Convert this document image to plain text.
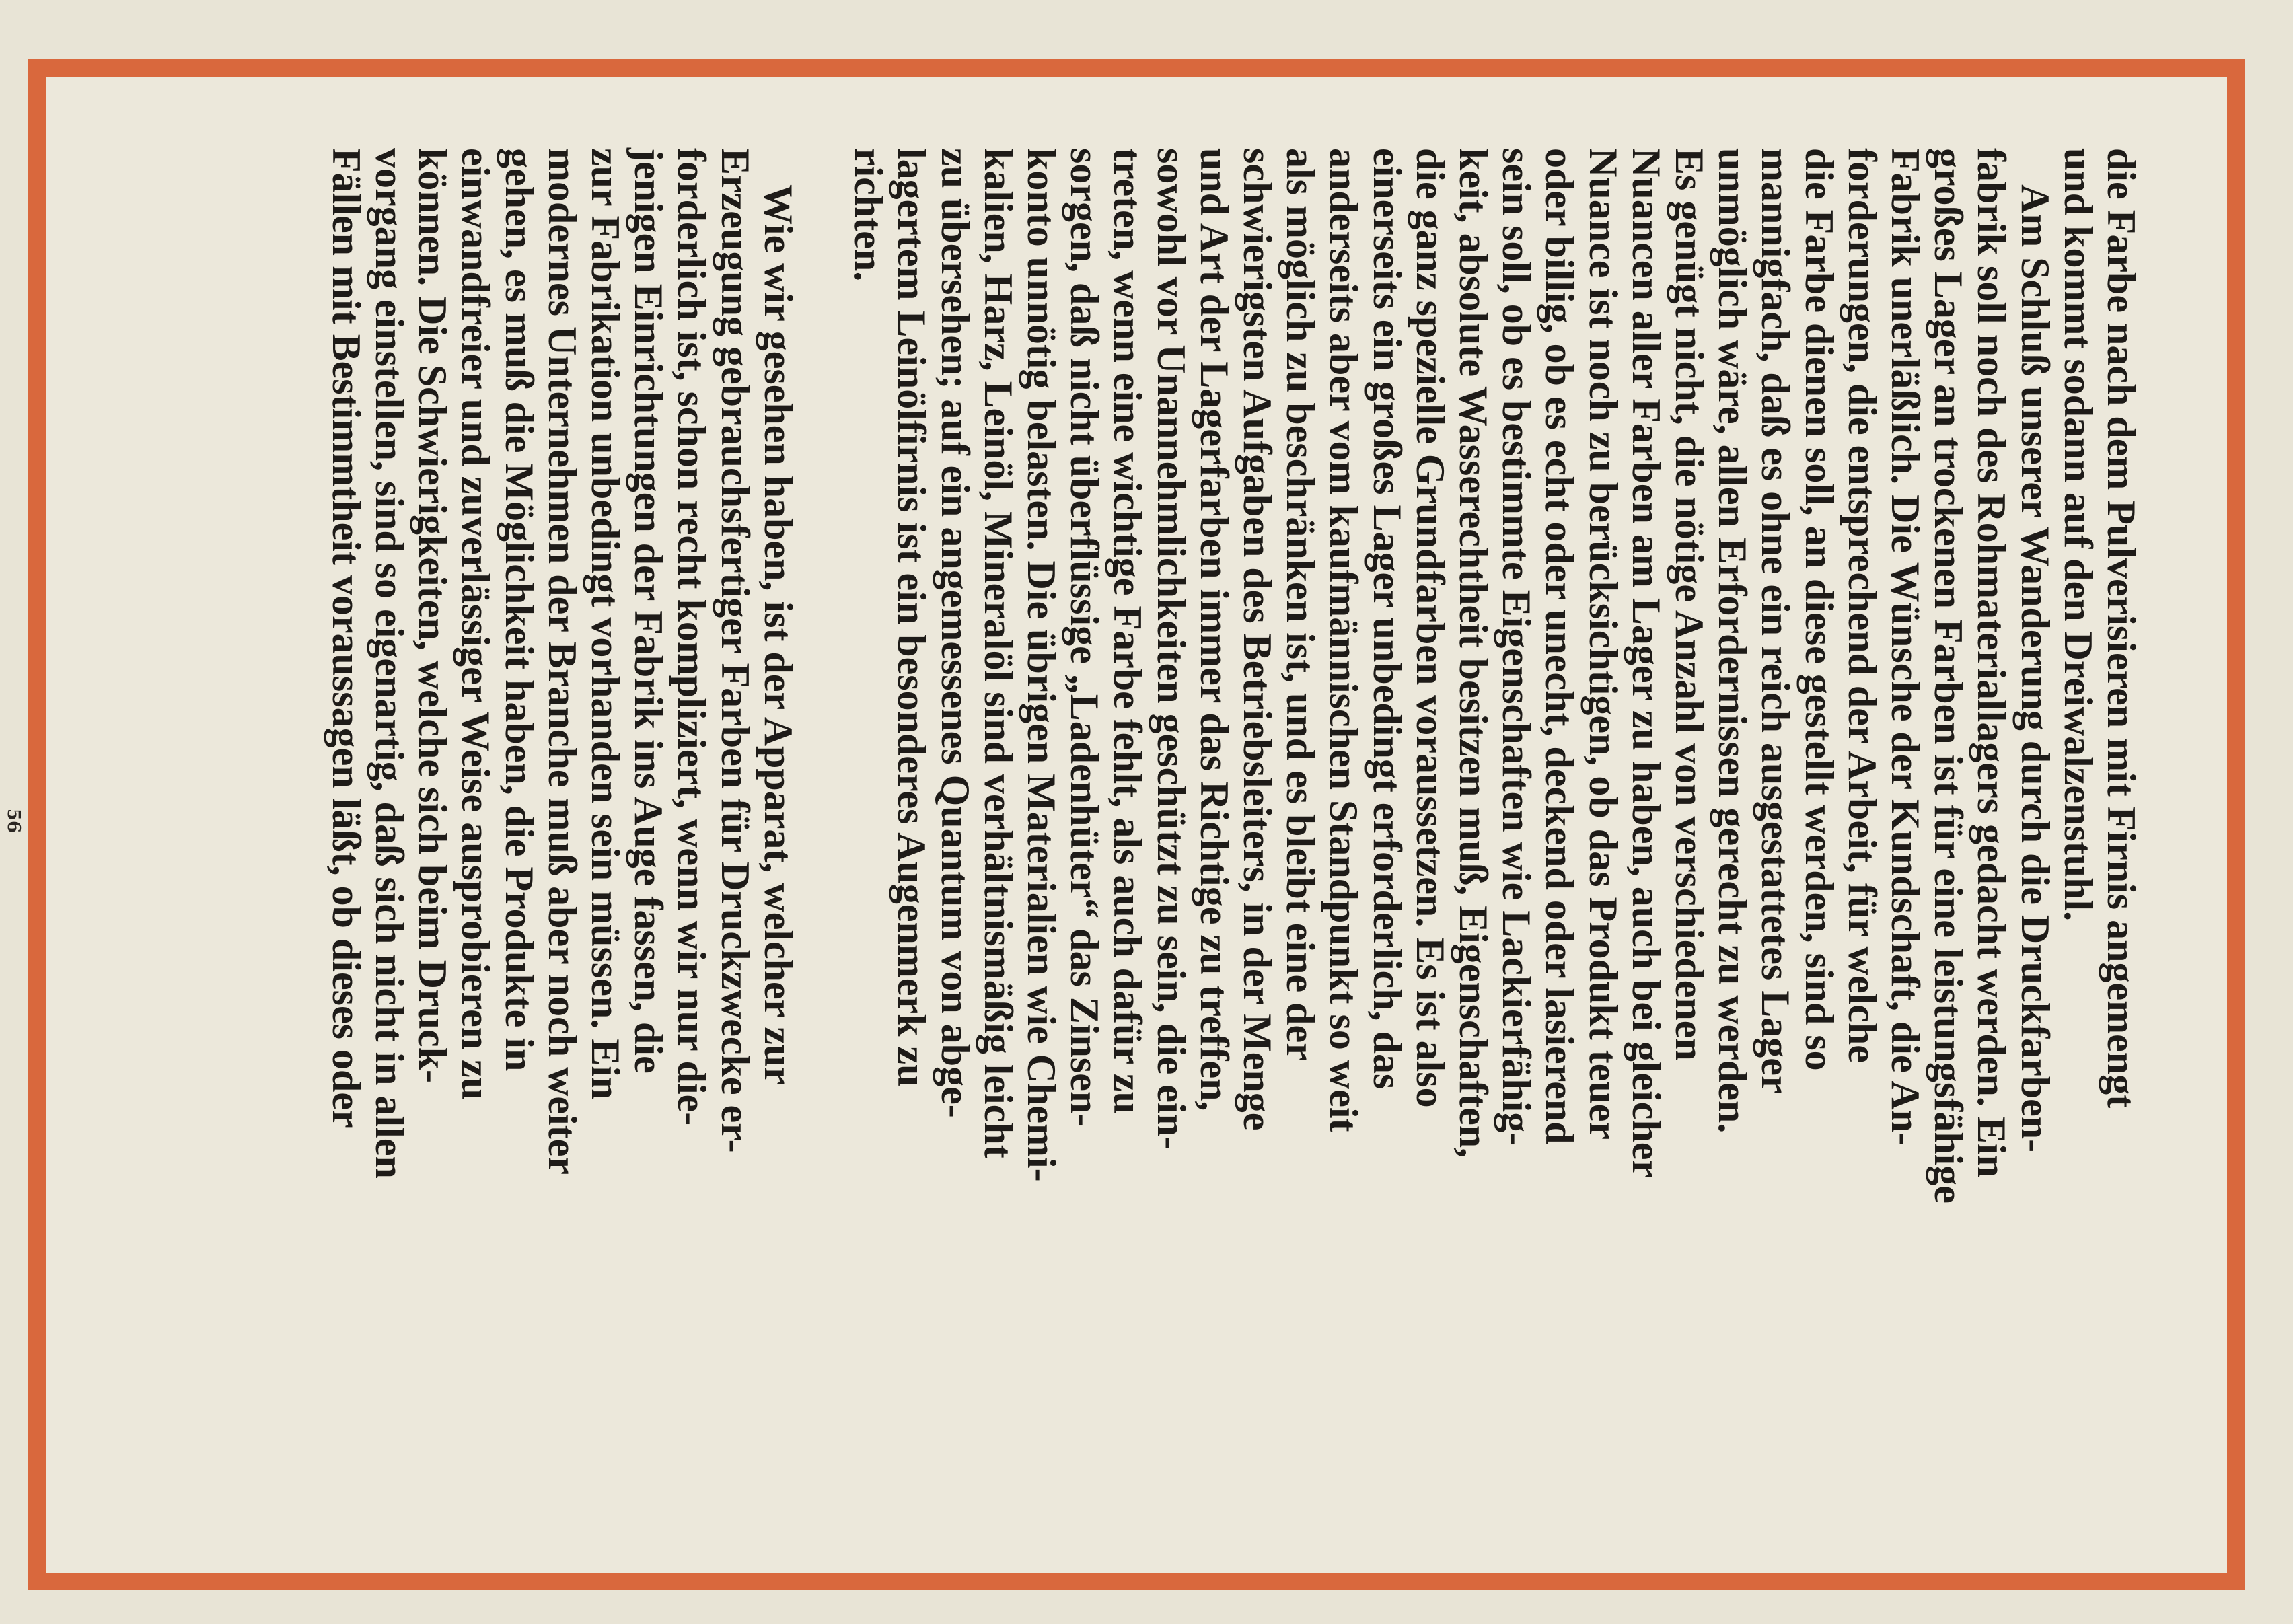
56

die Farbe nach dem Pulverisieren mit Firnis angemengt
und kommt sodann auf den Dreiwalzenstuhl.

Am Schluß unserer Wanderung durch die Druckfarben-
fabrik soll noch des Rohmateriallagers gedacht werden. Ein
großes Lager an trockenen Farben ist für eine leistungsfähige
Fabrik unerläßlich. Die Wünsche der Kundschaft, die An-
forderungen, die entsprechend der Arbeit, für welche
die Farbe dienen soll, an diese gestellt werden, sind so
mannigfach, daß es ohne ein reich ausgestattetes Lager
unmöglich wäre, allen Erfordernissen gerecht zu werden.
Es genügt nicht, die nötige Anzahl von verschiedenen
Nuancen aller Farben am Lager zu haben, auch bei gleicher
Nuance ist noch zu berücksichtigen, ob das Produkt teuer
oder billig, ob es echt oder unecht, deckend oder lasierend
sein soll, ob es bestimmte Eigenschaften wie Lackierfähig-
keit, absolute Wasserechtheit besitzen muß, Eigenschaften,
die ganz spezielle Grundfarben voraussetzen. Es ist also
einerseits ein großes Lager unbedingt erforderlich, das
anderseits aber vom kaufmännischen Standpunkt so weit
als möglich zu beschränken ist, und es bleibt eine der
schwierigsten Aufgaben des Betriebsleiters, in der Menge
und Art der Lagerfarben immer das Richtige zu treffen,
sowohl vor Unannehmlichkeiten geschützt zu sein, die ein-
treten, wenn eine wichtige Farbe fehlt, als auch dafür zu
sorgen, daß nicht überflüssige „Ladenhüter“ das Zinsen-
konto unnötig belasten. Die übrigen Materialien wie Chemi-
kalien, Harz, Leinöl, Mineralöl sind verhältnismäßig leicht
zu übersehen; auf ein angemessenes Quantum von abge-
lagertem Leinölfirnis ist ein besonderes Augenmerk zu
richten.

Wie wir gesehen haben, ist der Apparat, welcher zur
Erzeugung gebrauchsfertiger Farben für Druckzwecke er-
forderlich ist, schon recht kompliziert, wenn wir nur die-
jenigen Einrichtungen der Fabrik ins Auge fassen, die
zur Fabrikation unbedingt vorhanden sein müssen. Ein
modernes Unternehmen der Branche muß aber noch weiter
gehen, es muß die Möglichkeit haben, die Produkte in
einwandfreier und zuverlässiger Weise ausprobieren zu
können. Die Schwierigkeiten, welche sich beim Druck-
vorgang einstellen, sind so eigenartig, daß sich nicht in allen
Fällen mit Bestimmtheit voraussagen läßt, ob dieses oder
